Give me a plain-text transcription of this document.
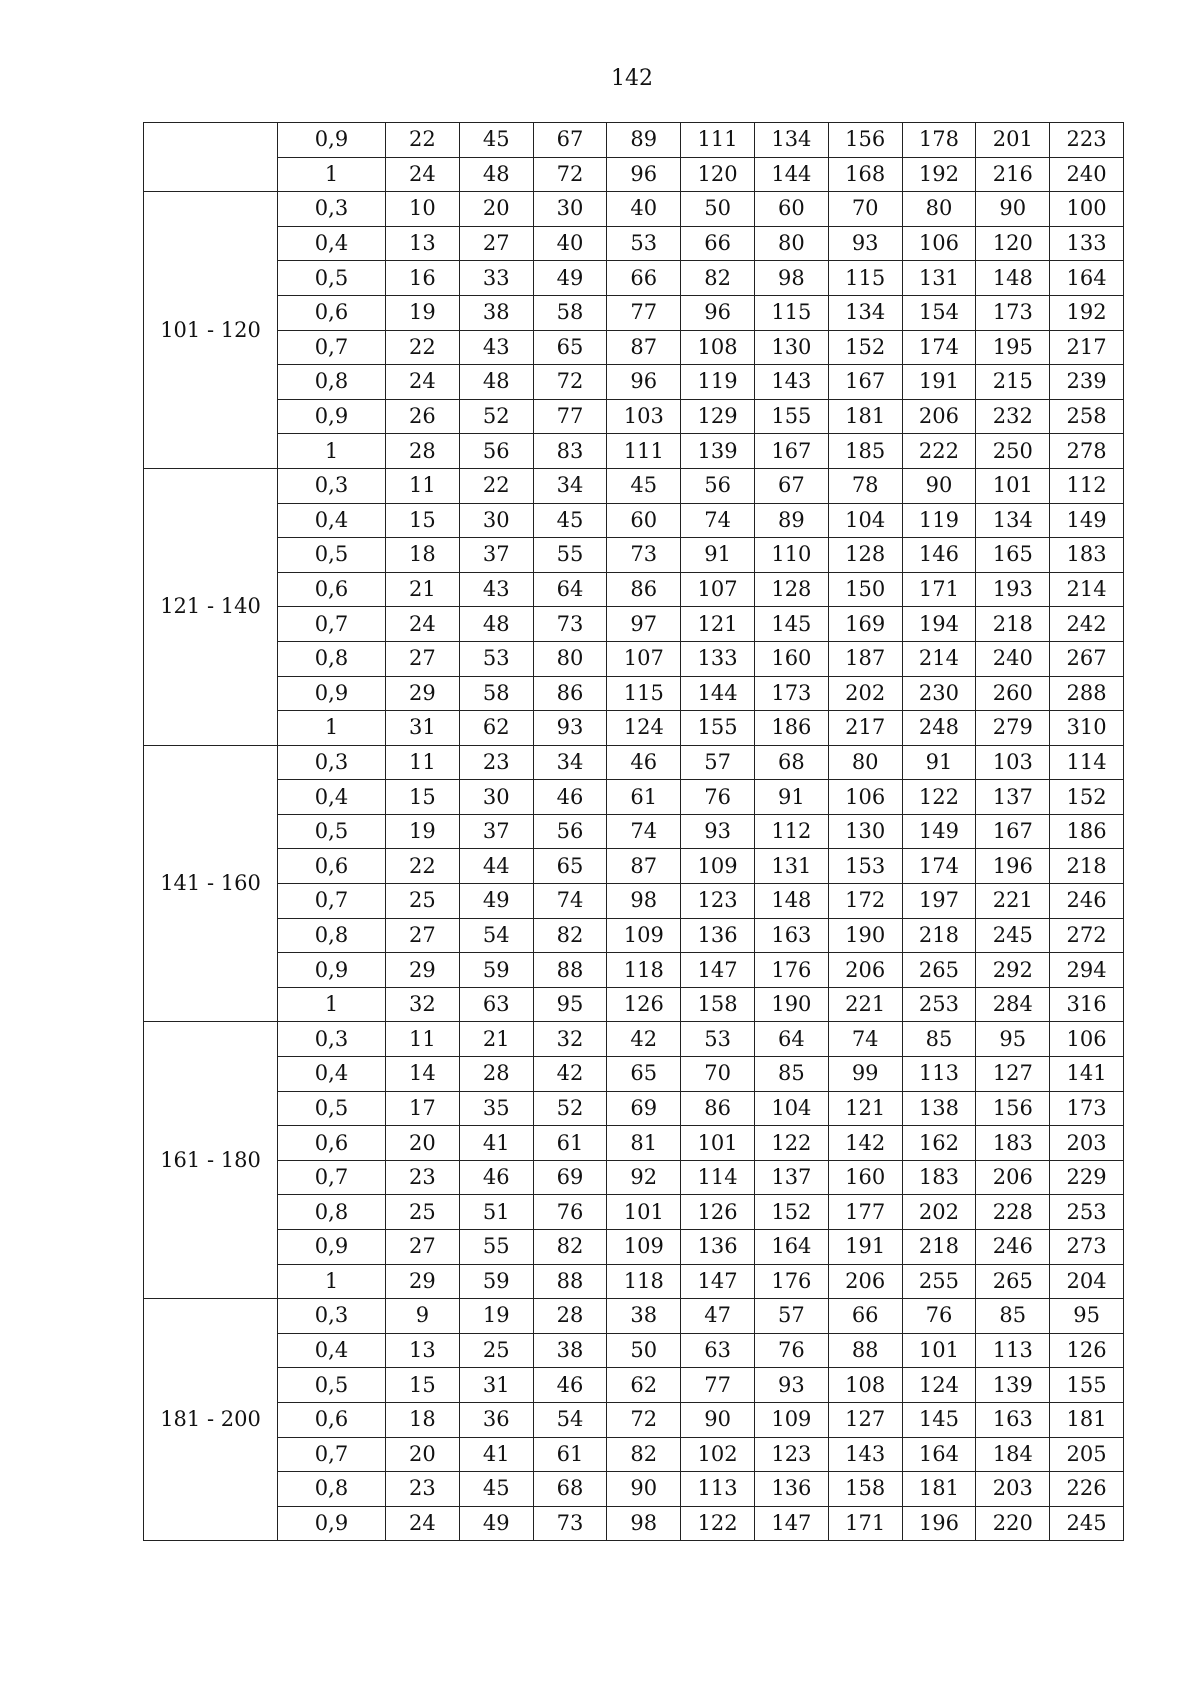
142
	0,9	22	45	67	89	111	134	156	178	201	223
	1	24	48	72	96	120	144	168	192	216	240
101 - 120	0,3	10	20	30	40	50	60	70	80	90	100
	0,4	13	27	40	53	66	80	93	106	120	133
	0,5	16	33	49	66	82	98	115	131	148	164
	0,6	19	38	58	77	96	115	134	154	173	192
	0,7	22	43	65	87	108	130	152	174	195	217
	0,8	24	48	72	96	119	143	167	191	215	239
	0,9	26	52	77	103	129	155	181	206	232	258
	1	28	56	83	111	139	167	185	222	250	278
121 - 140	0,3	11	22	34	45	56	67	78	90	101	112
	0,4	15	30	45	60	74	89	104	119	134	149
	0,5	18	37	55	73	91	110	128	146	165	183
	0,6	21	43	64	86	107	128	150	171	193	214
	0,7	24	48	73	97	121	145	169	194	218	242
	0,8	27	53	80	107	133	160	187	214	240	267
	0,9	29	58	86	115	144	173	202	230	260	288
	1	31	62	93	124	155	186	217	248	279	310
141 - 160	0,3	11	23	34	46	57	68	80	91	103	114
	0,4	15	30	46	61	76	91	106	122	137	152
	0,5	19	37	56	74	93	112	130	149	167	186
	0,6	22	44	65	87	109	131	153	174	196	218
	0,7	25	49	74	98	123	148	172	197	221	246
	0,8	27	54	82	109	136	163	190	218	245	272
	0,9	29	59	88	118	147	176	206	265	292	294
	1	32	63	95	126	158	190	221	253	284	316
161 - 180	0,3	11	21	32	42	53	64	74	85	95	106
	0,4	14	28	42	65	70	85	99	113	127	141
	0,5	17	35	52	69	86	104	121	138	156	173
	0,6	20	41	61	81	101	122	142	162	183	203
	0,7	23	46	69	92	114	137	160	183	206	229
	0,8	25	51	76	101	126	152	177	202	228	253
	0,9	27	55	82	109	136	164	191	218	246	273
	1	29	59	88	118	147	176	206	255	265	204
181 - 200	0,3	9	19	28	38	47	57	66	76	85	95
	0,4	13	25	38	50	63	76	88	101	113	126
	0,5	15	31	46	62	77	93	108	124	139	155
	0,6	18	36	54	72	90	109	127	145	163	181
	0,7	20	41	61	82	102	123	143	164	184	205
	0,8	23	45	68	90	113	136	158	181	203	226
	0,9	24	49	73	98	122	147	171	196	220	245
